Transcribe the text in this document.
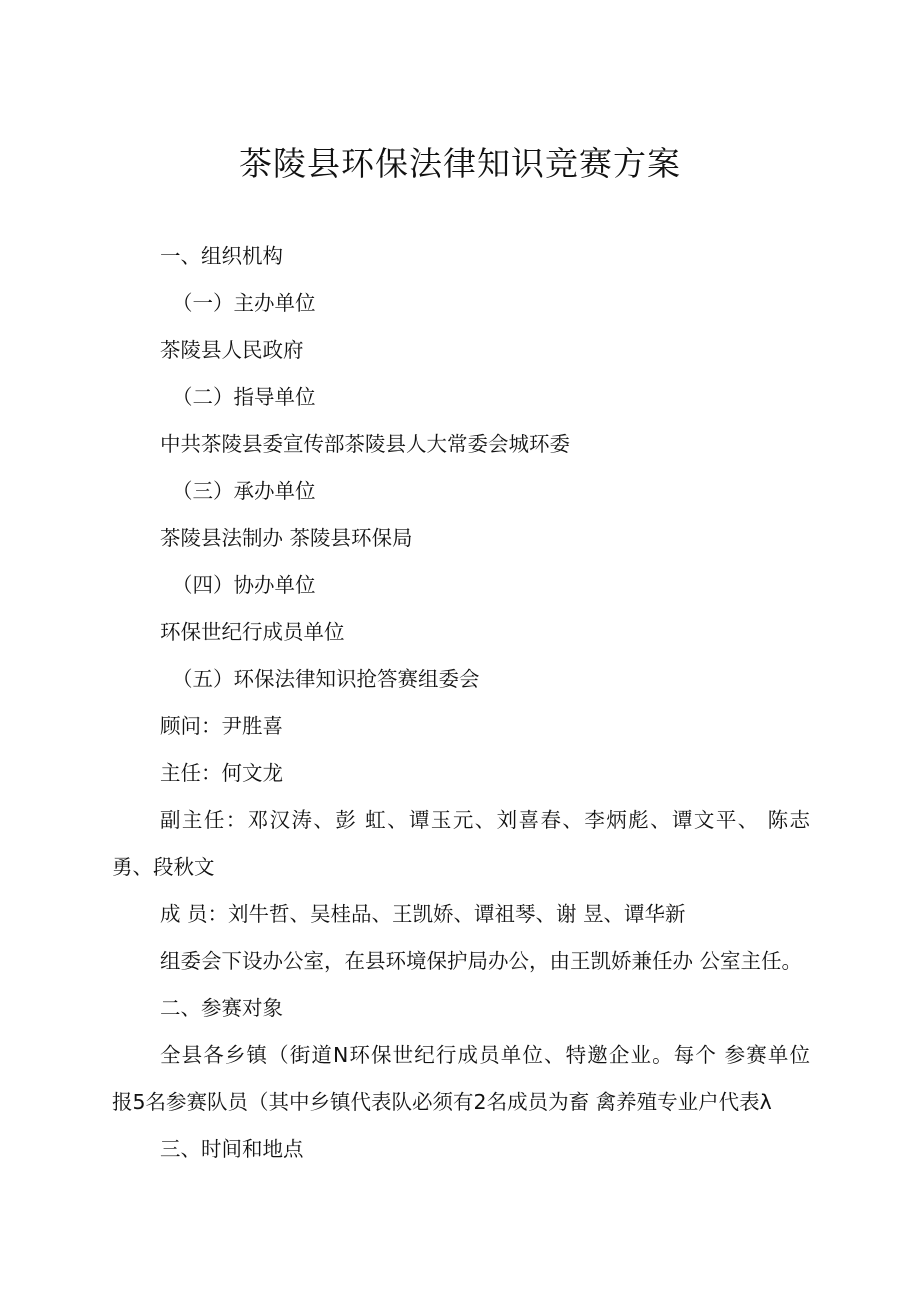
茶陵县环保法律知识竞赛方案
一、组织机构
（一）主办单位
茶陵县人民政府
（二）指导单位
中共茶陵县委宣传部茶陵县人大常委会城环委
（三）承办单位
茶陵县法制办 茶陵县环保局
（四）协办单位
环保世纪行成员单位
（五）环保法律知识抢答赛组委会
顾问：尹胜喜
主任：何文龙
副主任：邓汉涛、彭 虹、谭玉元、刘喜春、李炳彪、谭文平、 陈志
勇、段秋文
成 员：刘牛哲、吴桂品、王凯娇、谭祖琴、谢 昱、谭华新
组委会下设办公室，在县环境保护局办公，由王凯娇兼任办 公室主任。
二、参赛对象
全县各乡镇（街道N环保世纪行成员单位、特邀企业。每个 参赛单位
报5名参赛队员（其中乡镇代表队必须有2名成员为畜 禽养殖专业户代表λ
三、时间和地点
